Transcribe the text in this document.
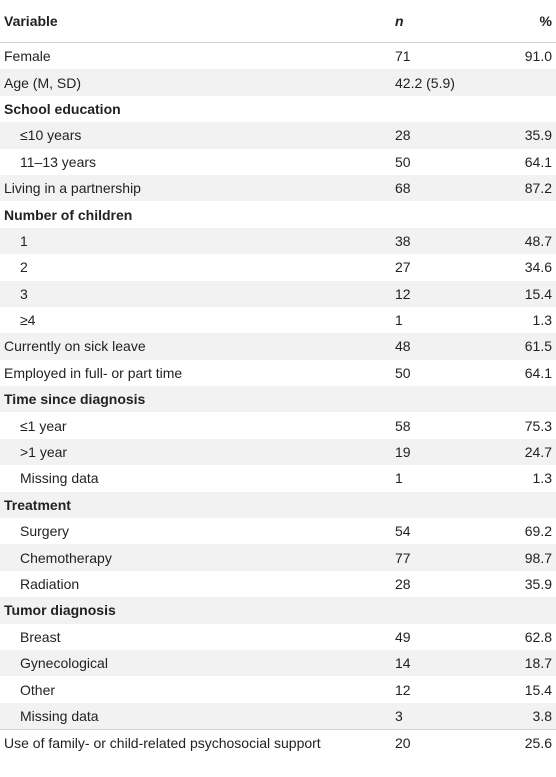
Variable	n	%
Female	71	91.0
Age (M, SD)	42.2 (5.9)
School education
≤10 years	28	35.9
11–13 years	50	64.1
Living in a partnership	68	87.2
Number of children
1	38	48.7
2	27	34.6
3	12	15.4
≥4	1	1.3
Currently on sick leave	48	61.5
Employed in full- or part time	50	64.1
Time since diagnosis
≤1 year	58	75.3
>1 year	19	24.7
Missing data	1	1.3
Treatment
Surgery	54	69.2
Chemotherapy	77	98.7
Radiation	28	35.9
Tumor diagnosis
Breast	49	62.8
Gynecological	14	18.7
Other	12	15.4
Missing data	3	3.8
Use of family- or child-related psychosocial support	20	25.6
